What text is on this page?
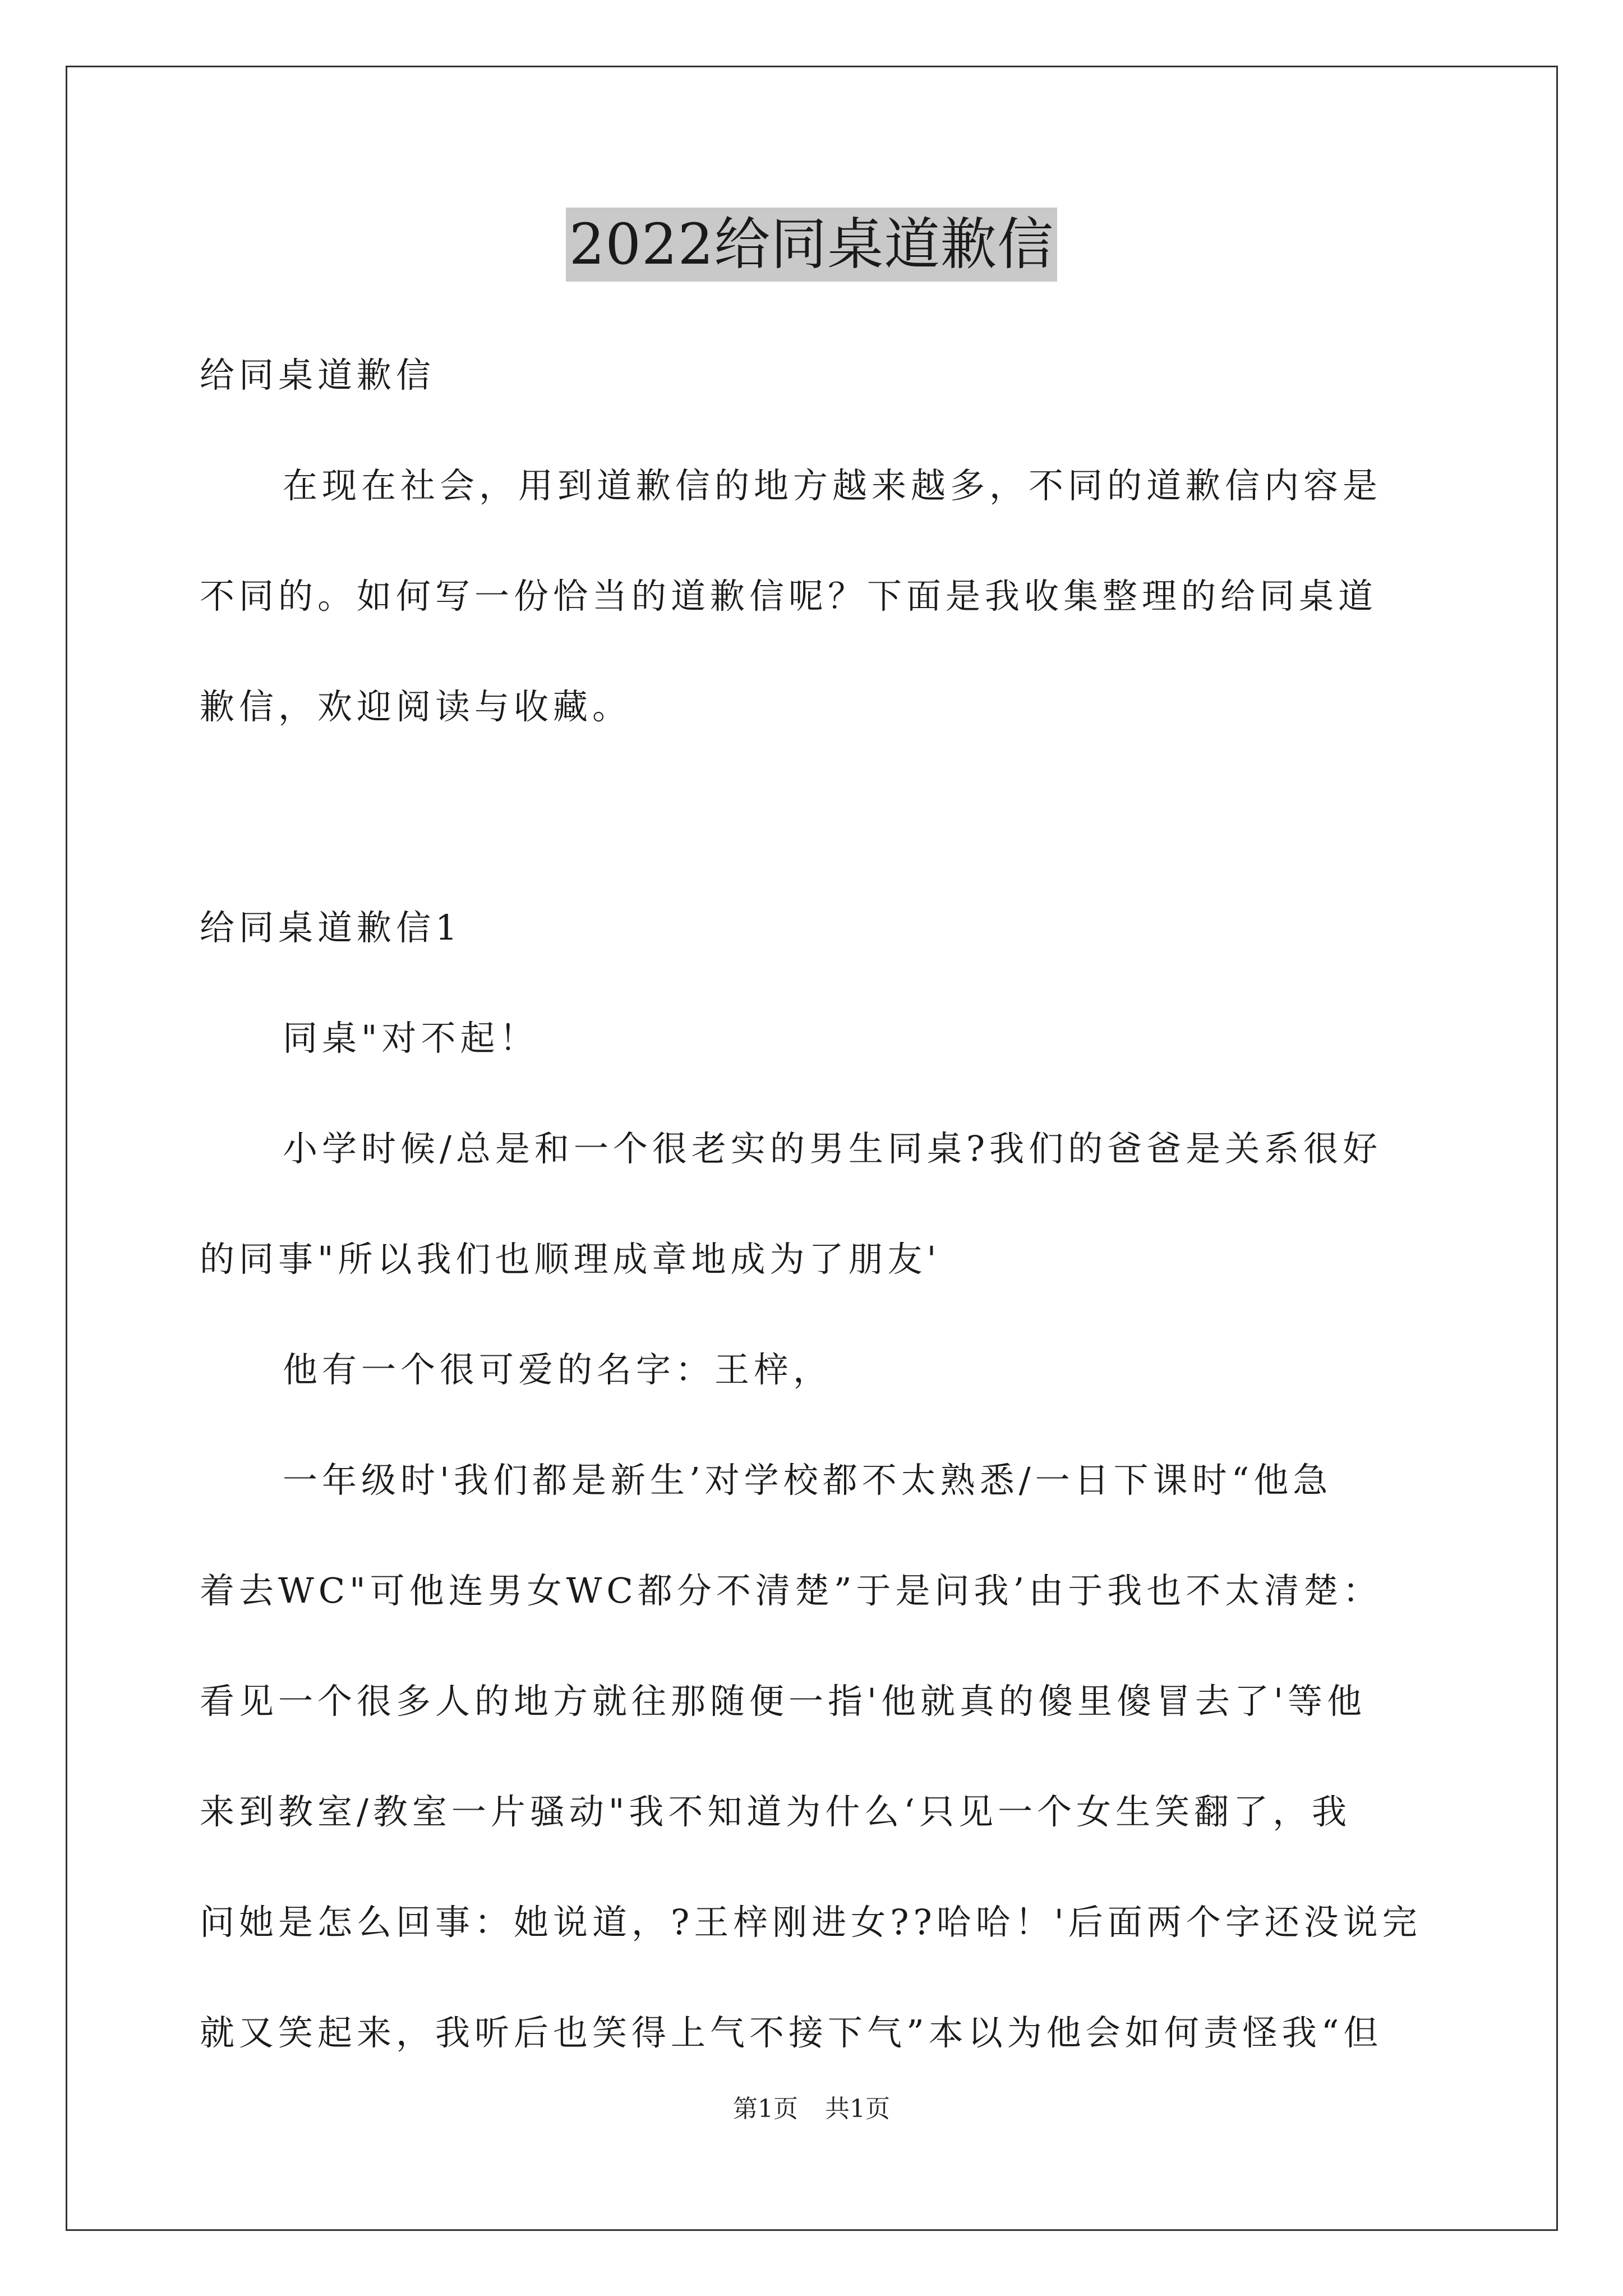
2022给同桌道歉信
给同桌道歉信
在现在社会，用到道歉信的地方越来越多，不同的道歉信内容是
不同的。如何写一份恰当的道歉信呢？下面是我收集整理的给同桌道
歉信，欢迎阅读与收藏。
给同桌道歉信1
同桌"对不起！
小学时候/总是和一个很老实的男生同桌?我们的爸爸是关系很好
的同事"所以我们也顺理成章地成为了朋友'
他有一个很可爱的名字：王梓，
一年级时'我们都是新生’对学校都不太熟悉/一日下课时“他急
着去WC"可他连男女WC都分不清楚”于是问我’由于我也不太清楚：
看见一个很多人的地方就往那随便一指'他就真的傻里傻冒去了'等他
来到教室/教室一片骚动"我不知道为什么‘只见一个女生笑翻了，我
问她是怎么回事：她说道，?王梓刚进女??哈哈！'后面两个字还没说完
就又笑起来，我听后也笑得上气不接下气”本以为他会如何责怪我“但
第1页 共1页
